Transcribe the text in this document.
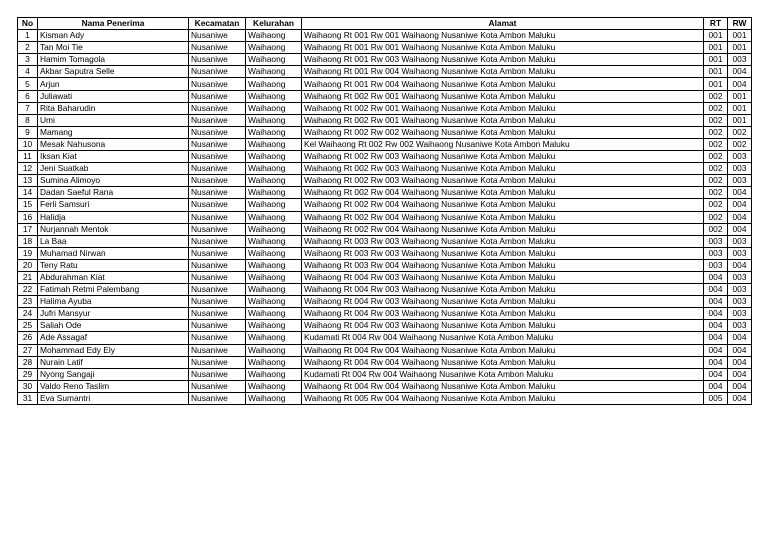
No	Nama Penerima	Kecamatan	Kelurahan	Alamat	RT	RW
1	Kisman Ady	Nusaniwe	Waihaong	Waihaong Rt 001 Rw 001 Waihaong Nusaniwe Kota Ambon Maluku	001	001
2	Tan Moi Tie	Nusaniwe	Waihaong	Waihaong Rt 001 Rw 001 Waihaong Nusaniwe Kota Ambon Maluku	001	001
3	Hamim Tomagola	Nusaniwe	Waihaong	Waihaong Rt 001 Rw 003 Waihaong Nusaniwe Kota Ambon Maluku	001	003
4	Akbar Saputra Selle	Nusaniwe	Waihaong	Waihaong Rt 001 Rw 004 Waihaong Nusaniwe Kota Ambon Maluku	001	004
5	Arjun	Nusaniwe	Waihaong	Waihaong Rt 001 Rw 004 Waihaong Nusaniwe Kota Ambon Maluku	001	004
6	Juliawati	Nusaniwe	Waihaong	Waihaong Rt 002 Rw 001 Waihaong Nusaniwe Kota Ambon Maluku	002	001
7	Rita Baharudin	Nusaniwe	Waihaong	Waihaong Rt 002 Rw 001 Waihaong Nusaniwe Kota Ambon Maluku	002	001
8	Umi	Nusaniwe	Waihaong	Waihaong Rt 002 Rw 001 Waihaong Nusaniwe Kota Ambon Maluku	002	001
9	Mamang	Nusaniwe	Waihaong	Waihaong Rt 002 Rw 002 Waihaong Nusaniwe Kota Ambon Maluku	002	002
10	Mesak Nahusona	Nusaniwe	Waihaong	Kel Waihaong Rt 002 Rw 002 Waihaong Nusaniwe Kota Ambon Maluku	002	002
11	Iksan Kiat	Nusaniwe	Waihaong	Waihaong Rt 002 Rw 003 Waihaong Nusaniwe Kota Ambon Maluku	002	003
12	Jeni Suatkab	Nusaniwe	Waihaong	Waihaong Rt 002 Rw 003 Waihaong Nusaniwe Kota Ambon Maluku	002	003
13	Sumina Alimoyo	Nusaniwe	Waihaong	Waihaong Rt 002 Rw 003 Waihaong Nusaniwe Kota Ambon Maluku	002	003
14	Dadan Saeful Rana	Nusaniwe	Waihaong	Waihaong Rt 002 Rw 004 Waihaong Nusaniwe Kota Ambon Maluku	002	004
15	Ferli Samsuri	Nusaniwe	Waihaong	Waihaong Rt 002 Rw 004 Waihaong Nusaniwe Kota Ambon Maluku	002	004
16	Halidja	Nusaniwe	Waihaong	Waihaong Rt 002 Rw 004 Waihaong Nusaniwe Kota Ambon Maluku	002	004
17	Nurjannah Mentok	Nusaniwe	Waihaong	Waihaong Rt 002 Rw 004 Waihaong Nusaniwe Kota Ambon Maluku	002	004
18	La Baa	Nusaniwe	Waihaong	Waihaong Rt 003 Rw 003 Waihaong Nusaniwe Kota Ambon Maluku	003	003
19	Muhamad Nirwan	Nusaniwe	Waihaong	Waihaong Rt 003 Rw 003 Waihaong Nusaniwe Kota Ambon Maluku	003	003
20	Teny Ratu	Nusaniwe	Waihaong	Waihaong Rt 003 Rw 004 Waihaong Nusaniwe Kota Ambon Maluku	003	004
21	Abdurahman Kiat	Nusaniwe	Waihaong	Waihaong Rt 004 Rw 003 Waihaong Nusaniwe Kota Ambon Maluku	004	003
22	Fatimah Retmi Palembang	Nusaniwe	Waihaong	Waihaong Rt 004 Rw 003 Waihaong Nusaniwe Kota Ambon Maluku	004	003
23	Halima Ayuba	Nusaniwe	Waihaong	Waihaong Rt 004 Rw 003 Waihaong Nusaniwe Kota Ambon Maluku	004	003
24	Jufri Mansyur	Nusaniwe	Waihaong	Waihaong Rt 004 Rw 003 Waihaong Nusaniwe Kota Ambon Maluku	004	003
25	Saliah Ode	Nusaniwe	Waihaong	Waihaong Rt 004 Rw 003 Waihaong Nusaniwe Kota Ambon Maluku	004	003
26	Ade Assagaf	Nusaniwe	Waihaong	Kudamati Rt 004 Rw 004 Waihaong Nusaniwe Kota Ambon Maluku	004	004
27	Mohammad Edy Ely	Nusaniwe	Waihaong	Waihaong Rt 004 Rw 004 Waihaong Nusaniwe Kota Ambon Maluku	004	004
28	Nurain Latif	Nusaniwe	Waihaong	Waihaong Rt 004 Rw 004 Waihaong Nusaniwe Kota Ambon Maluku	004	004
29	Nyong Sangaji	Nusaniwe	Waihaong	Kudamati Rt 004 Rw 004 Waihaong Nusaniwe Kota Ambon Maluku	004	004
30	Valdo Reno Taslim	Nusaniwe	Waihaong	Waihaong Rt 004 Rw 004 Waihaong Nusaniwe Kota Ambon Maluku	004	004
31	Eva Sumantri	Nusaniwe	Waihaong	Waihaong Rt 005 Rw 004 Waihaong Nusaniwe Kota Ambon Maluku	005	004
